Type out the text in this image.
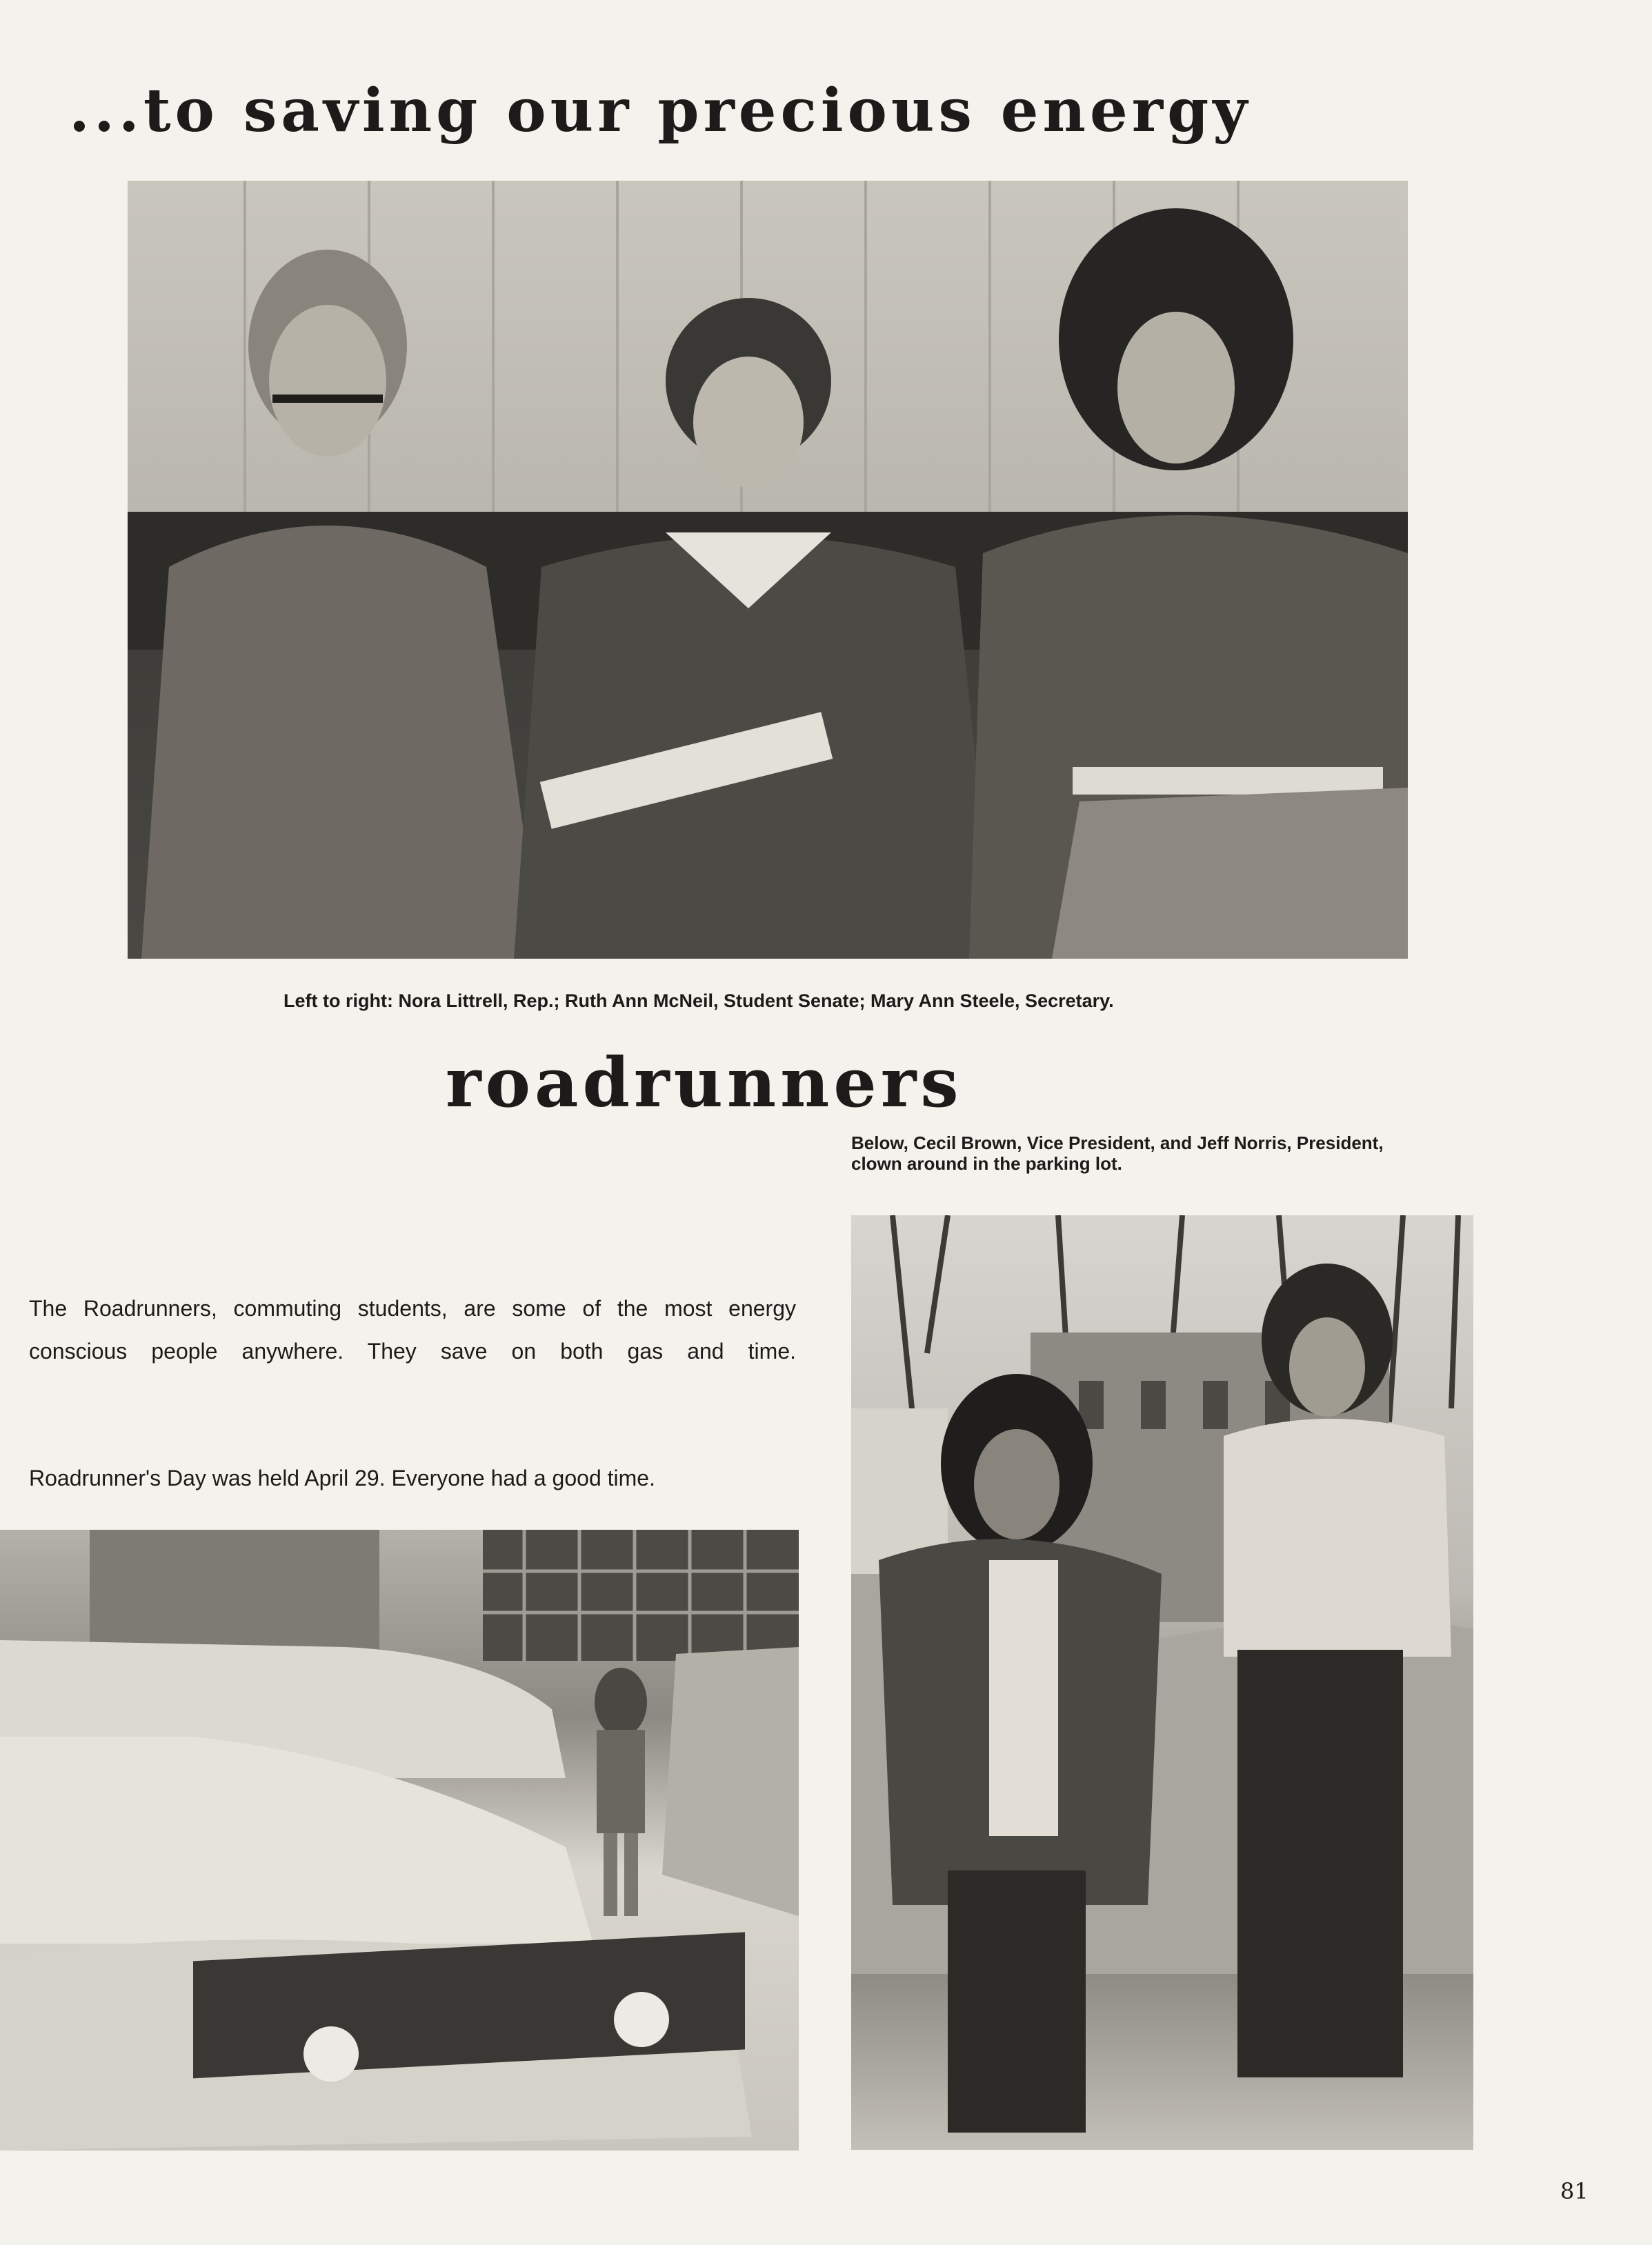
...to saving our precious energy
Left to right: Nora Littrell, Rep.; Ruth Ann McNeil, Student Senate; Mary Ann Steele, Secretary.
roadrunners
Below, Cecil Brown, Vice President, and Jeff Norris, President, clown around in the parking lot.
The Roadrunners, commuting students, are some of the most energy conscious people anywhere. They save on both gas and time.
Roadrunner's Day was held April 29. Everyone had a good time.
81
